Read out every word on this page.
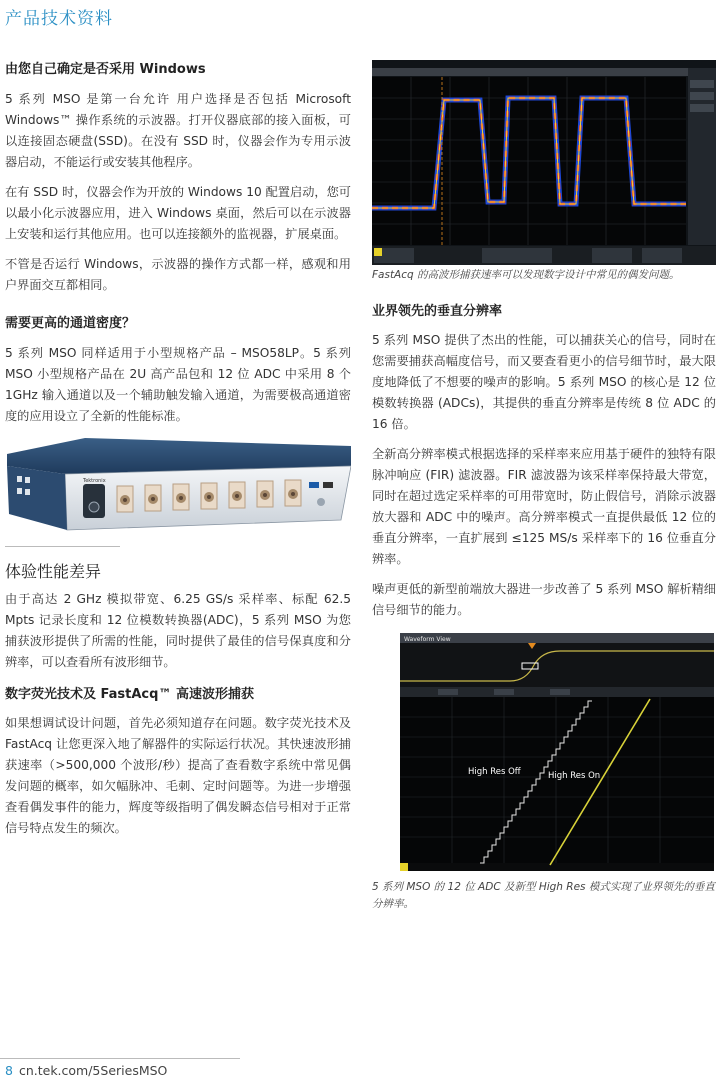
产品技术资料
由您自己确定是否采用 Windows

5 系列 MSO 是第一台允许 用户选择是否包括 Microsoft Windows™ 操作系统的示波器。打开仪器底部的接入面板，可以连接固态硬盘(SSD)。在没有 SSD 时，仪器会作为专用示波器启动，不能运行或安装其他程序。

在有 SSD 时，仪器会作为开放的 Windows 10 配置启动，您可以最小化示波器应用，进入 Windows 桌面，然后可以在示波器上安装和运行其他应用。也可以连接额外的监视器，扩展桌面。

不管是否运行 Windows，示波器的操作方式都一样，感观和用户界面交互都相同。

需要更高的通道密度？

5 系列 MSO 同样适用于小型规格产品 – MSO58LP。5 系列 MSO 小型规格产品在 2U 高产品包和 12 位 ADC 中采用 8 个 1GHz 输入通道以及一个辅助触发输入通道，为需要极高通道密度的应用设立了全新的性能标准。

Tektronix
体验性能差异

由于高达 2 GHz 模拟带宽、6.25 GS/s 采样率、标配 62.5 Mpts 记录长度和 12 位模数转换器(ADC)，5 系列 MSO 为您捕获波形提供了所需的性能，同时提供了最佳的信号保真度和分辨率，可以查看所有波形细节。

数字荧光技术及 FastAcq™ 高速波形捕获

如果想调试设计问题，首先必须知道存在问题。数字荧光技术及 FastAcq 让您更深入地了解器件的实际运行状况。其快速波形捕获速率（>500,000 个波形/秒）提高了查看数字系统中常见偶发问题的概率，如欠幅脉冲、毛刺、定时问题等。为进一步增强查看偶发事件的能力，辉度等级指明了偶发瞬态信号相对于正常信号特点发生的频次。

FastAcq 的高波形捕获速率可以发现数字设计中常见的偶发问题。

业界领先的垂直分辨率

5 系列 MSO 提供了杰出的性能，可以捕获关心的信号，同时在您需要捕获高幅度信号，而又要查看更小的信号细节时，最大限度地降低了不想要的噪声的影响。5 系列 MSO 的核心是 12 位模数转换器 (ADCs)，其提供的垂直分辨率是传统 8 位 ADC 的 16 倍。

全新高分辨率模式根据选择的采样率来应用基于硬件的独特有限脉冲响应 (FIR) 滤波器。FIR 滤波器为该采样率保持最大带宽，同时在超过选定采样率的可用带宽时，防止假信号，消除示波器放大器和 ADC 中的噪声。高分辨率模式一直提供最低 12 位的垂直分辨率，一直扩展到 ≤125 MS/s 采样率下的 16 位垂直分辨率。

噪声更低的新型前端放大器进一步改善了 5 系列 MSO 解析精细信号细节的能力。

Waveform View
High Res Off	High Res On

5 系列 MSO 的 12 位 ADC 及新型 High Res 模式实现了业界领先的垂直分辨率。

8 cn.tek.com/5SeriesMSO
